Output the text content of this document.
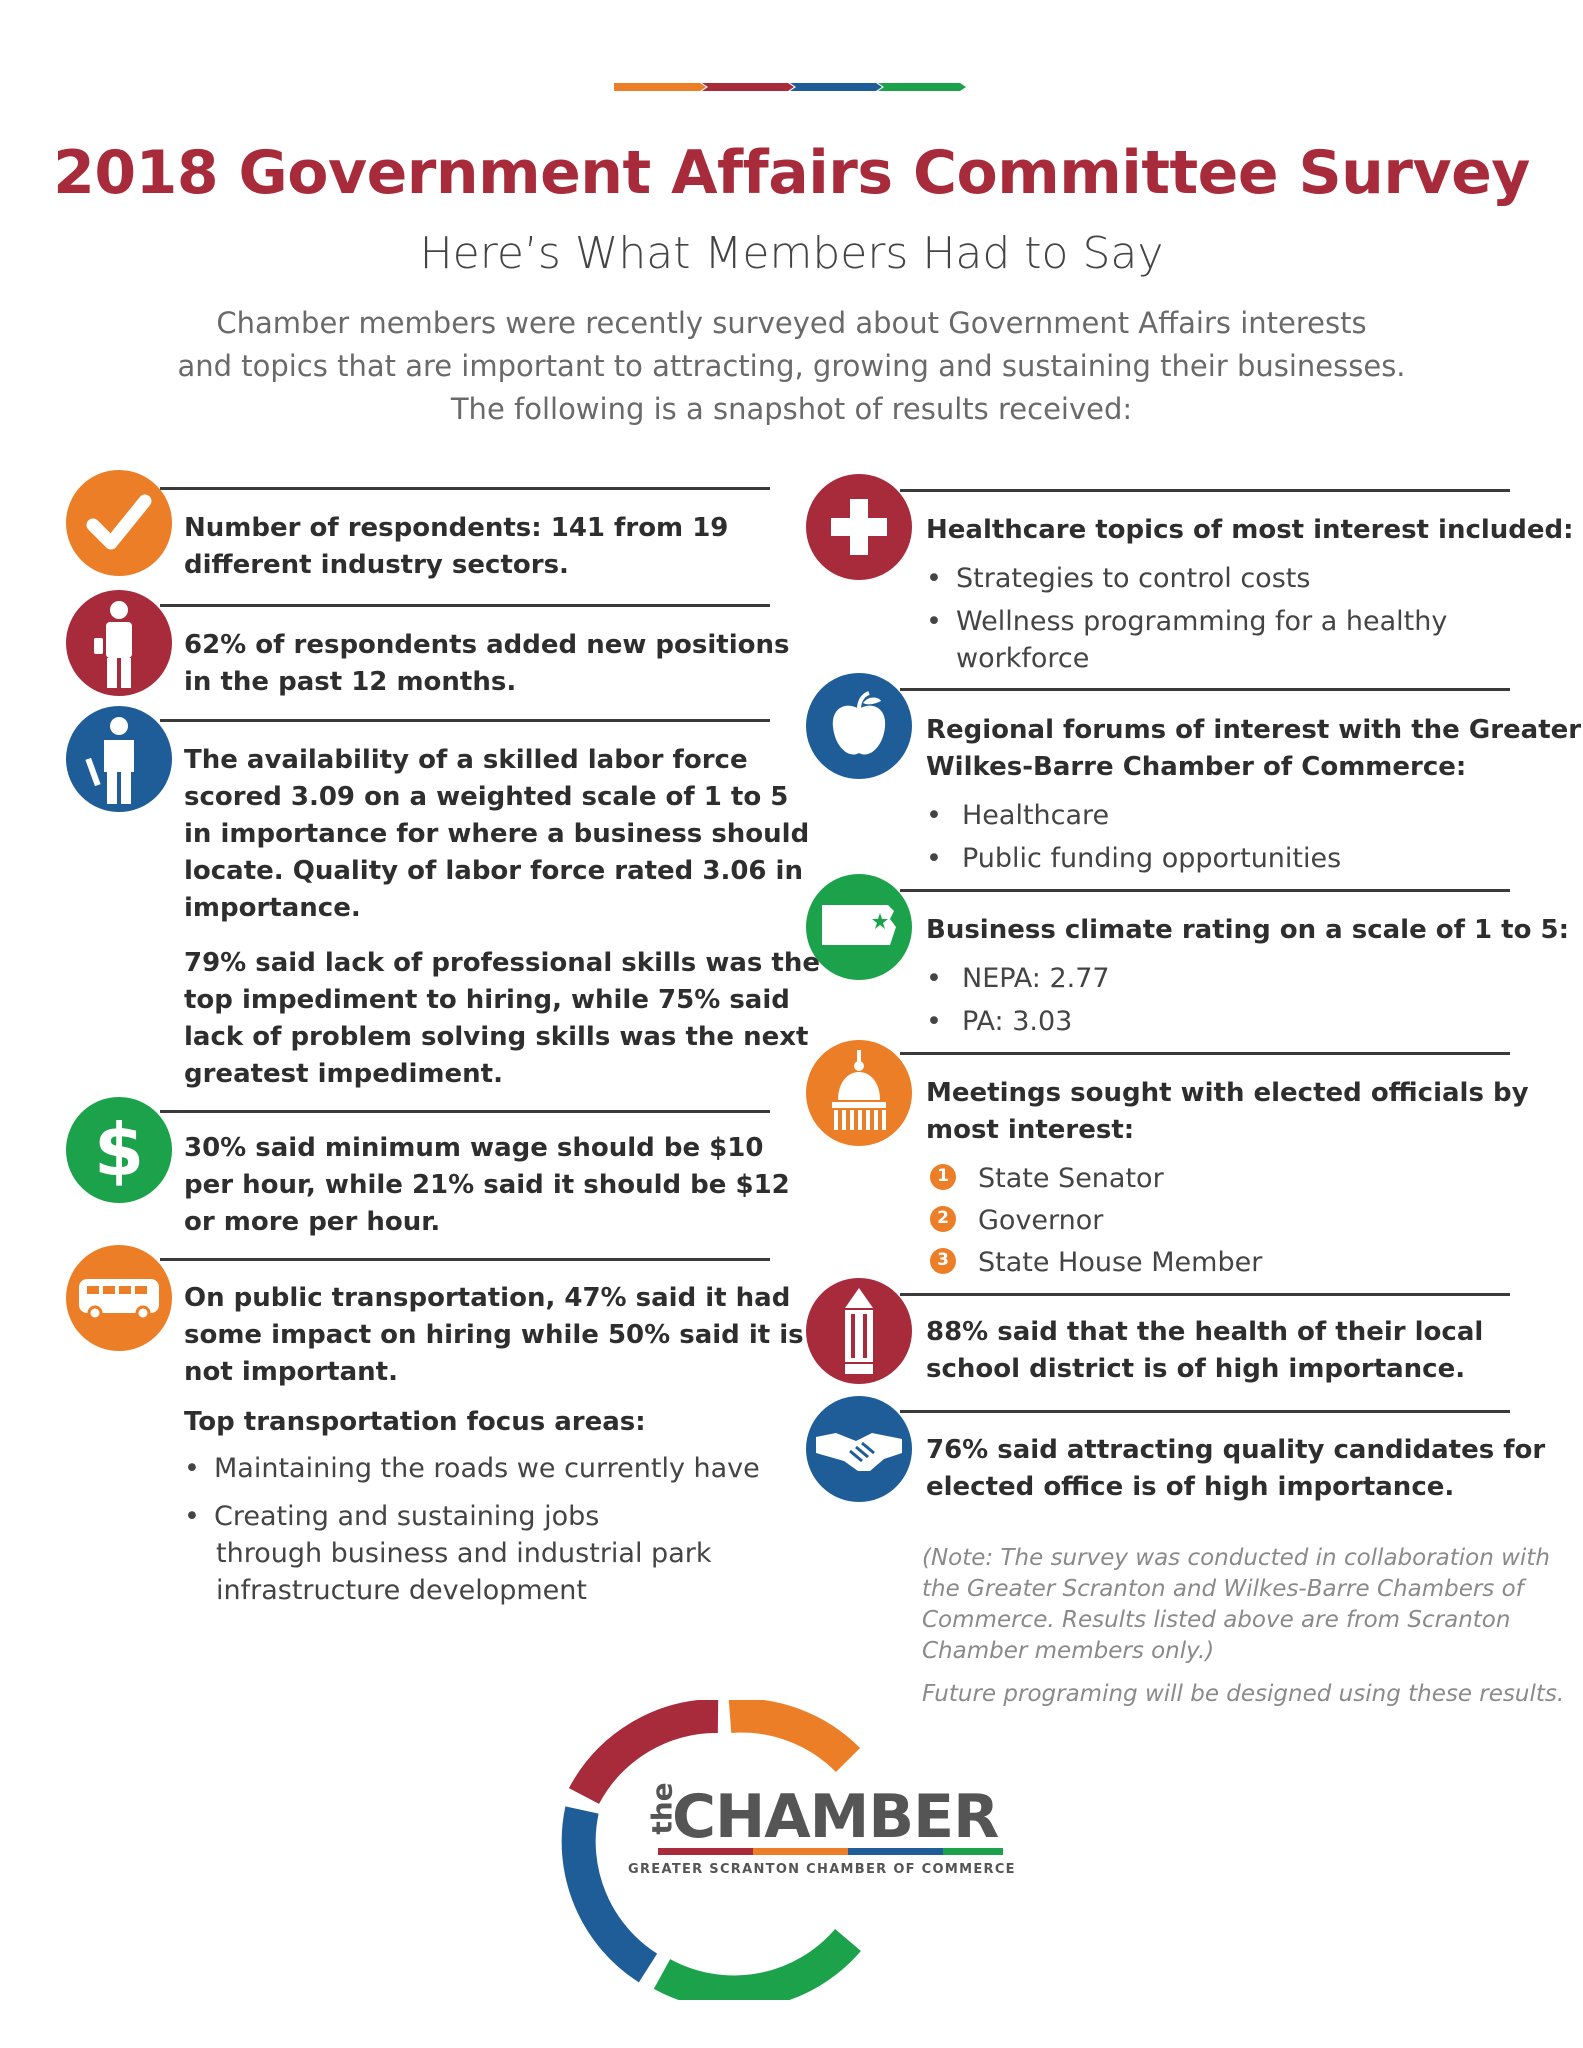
2018 Government Affairs Committee Survey
Here’s What Members Had to Say
Chamber members were recently surveyed about Government Affairs interests
and topics that are important to attracting, growing and sustaining their businesses.
The following is a snapshot of results received:
Number of respondents: 141 from 19
different industry sectors.
62% of respondents added new positions
in the past 12 months.
The availability of a skilled labor force
scored 3.09 on a weighted scale of 1 to 5
in importance for where a business should
locate. Quality of labor force rated 3.06 in
importance.
79% said lack of professional skills was the
top impediment to hiring, while 75% said
lack of problem solving skills was the next
greatest impediment.
$ 30% said minimum wage should be $10
per hour, while 21% said it should be $12
or more per hour.
On public transportation, 47% said it had
some impact on hiring while 50% said it is
not important.
Top transportation focus areas:
• Maintaining the roads we currently have
• Creating and sustaining jobs
through business and industrial park
infrastructure development
Healthcare topics of most interest included:
• Strategies to control costs
• Wellness programming for a healthy
workforce
Regional forums of interest with the Greater
Wilkes-Barre Chamber of Commerce:
• Healthcare
• Public funding opportunities
Business climate rating on a scale of 1 to 5:
• NEPA: 2.77
• PA: 3.03
Meetings sought with elected officials by
most interest:
1 State Senator
2 Governor
3 State House Member
88% said that the health of their local
school district is of high importance.
76% said attracting quality candidates for
elected office is of high importance.
(Note: The survey was conducted in collaboration with
the Greater Scranton and Wilkes-Barre Chambers of
Commerce. Results listed above are from Scranton
Chamber members only.)
Future programing will be designed using these results.
the
CHAMBER
GREATER SCRANTON CHAMBER OF COMMERCE
